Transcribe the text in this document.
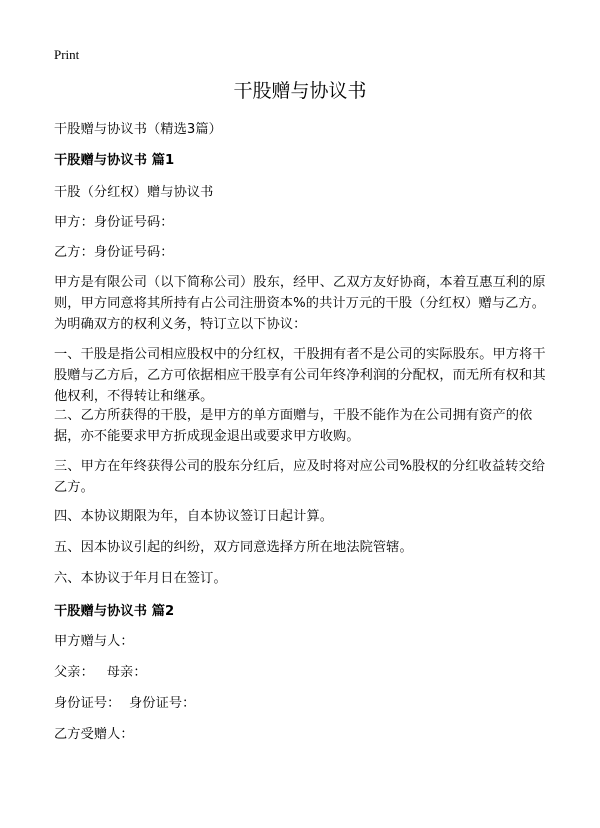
Print
干股赠与协议书

干股赠与协议书（精选3篇）

干股赠与协议书 篇1

干股（分红权）赠与协议书

甲方：身份证号码：

乙方：身份证号码：

甲方是有限公司（以下简称公司）股东，经甲、乙双方友好协商，本着互惠互利的原则，甲方同意将其所持有占公司注册资本%的共计万元的干股（分红权）赠与乙方。为明确双方的权利义务，特订立以下协议：

一、干股是指公司相应股权中的分红权，干股拥有者不是公司的实际股东。甲方将干股赠与乙方后，乙方可依据相应干股享有公司年终净利润的分配权，而无所有权和其他权利，不得转让和继承。

二、乙方所获得的干股，是甲方的单方面赠与，干股不能作为在公司拥有资产的依据，亦不能要求甲方折成现金退出或要求甲方收购。

三、甲方在年终获得公司的股东分红后，应及时将对应公司%股权的分红收益转交给乙方。

四、本协议期限为年，自本协议签订日起计算。

五、因本协议引起的纠纷，双方同意选择方所在地法院管辖。

六、本协议于年月日在签订。

干股赠与协议书 篇2

甲方赠与人：

父亲：   母亲：

身份证号：  身份证号：

乙方受赠人：
